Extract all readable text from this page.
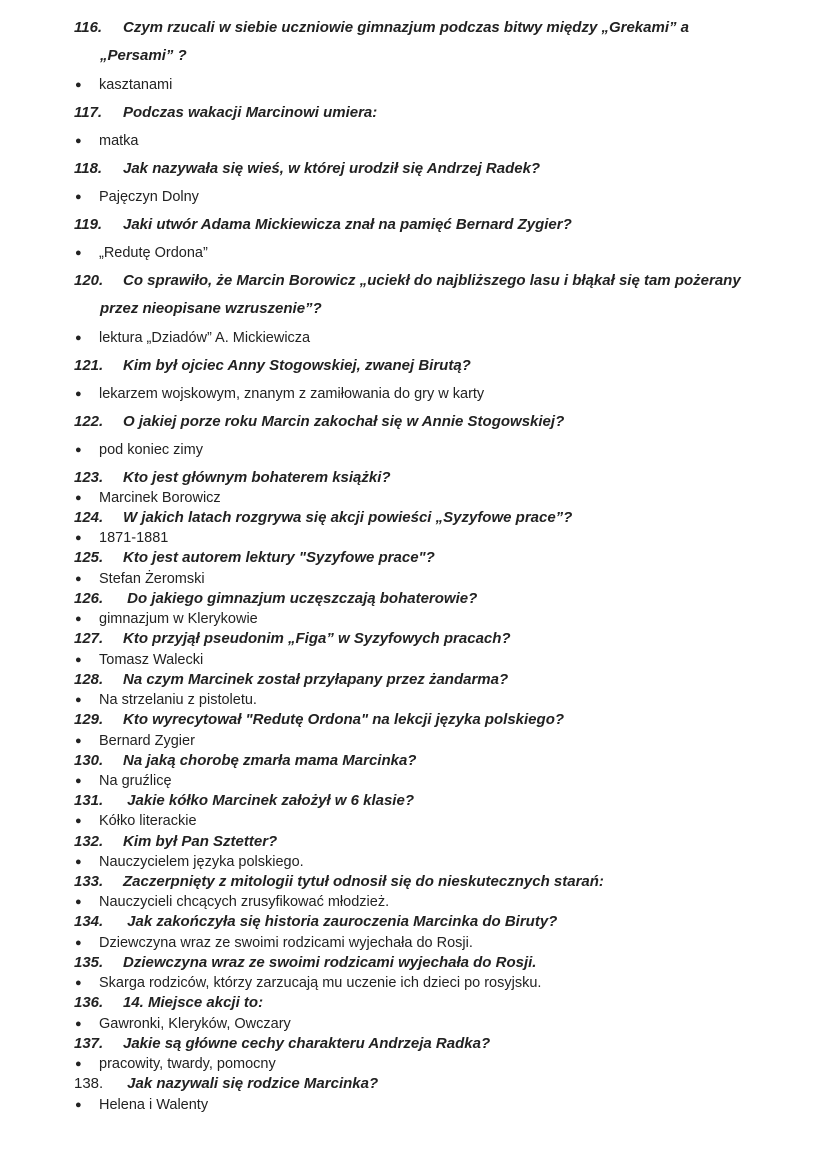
116. Czym rzucali w siebie uczniowie gimnazjum podczas bitwy między „Grekami” a
„Persami” ?
● kasztanami
117. Podczas wakacji Marcinowi umiera:
● matka
118. Jak nazywała się wieś, w której urodził się Andrzej Radek?
● Pajęczyn Dolny
119. Jaki utwór Adama Mickiewicza znał na pamięć Bernard Zygier?
● „Redutę Ordona”
120. Co sprawiło, że Marcin Borowicz „uciekł do najbliższego lasu i błąkał się tam pożerany
przez nieopisane wzruszenie”?
● lektura „Dziadów” A. Mickiewicza
121. Kim był ojciec Anny Stogowskiej, zwanej Birutą?
● lekarzem wojskowym, znanym z zamiłowania do gry w karty
122. O jakiej porze roku Marcin zakochał się w Annie Stogowskiej?
● pod koniec zimy
123. Kto jest głównym bohaterem książki?
● Marcinek Borowicz
124. W jakich latach rozgrywa się akcji powieści „Syzyfowe prace”?
● 1871-1881
125. Kto jest autorem lektury "Syzyfowe prace"?
● Stefan Żeromski
126. Do jakiego gimnazjum uczęszczają bohaterowie?
● gimnazjum w Klerykowie
127. Kto przyjął pseudonim „Figa” w Syzyfowych pracach?
● Tomasz Walecki
128. Na czym Marcinek został przyłapany przez żandarma?
● Na strzelaniu z pistoletu.
129. Kto wyrecytował "Redutę Ordona" na lekcji języka polskiego?
● Bernard Zygier
130. Na jaką chorobę zmarła mama Marcinka?
● Na gruźlicę
131. Jakie kółko Marcinek założył w 6 klasie?
● Kółko literackie
132. Kim był Pan Sztetter?
● Nauczycielem języka polskiego.
133. Zaczerpnięty z mitologii tytuł odnosił się do nieskutecznych starań:
● Nauczycieli chcących zrusyfikować młodzież.
134. Jak zakończyła się historia zauroczenia Marcinka do Biruty?
● Dziewczyna wraz ze swoimi rodzicami wyjechała do Rosji.
135. Dziewczyna wraz ze swoimi rodzicami wyjechała do Rosji.
● Skarga rodziców, którzy zarzucają mu uczenie ich dzieci po rosyjsku.
136. 14. Miejsce akcji to:
● Gawronki, Kleryków, Owczary
137. Jakie są główne cechy charakteru Andrzeja Radka?
● pracowity, twardy, pomocny
138. Jak nazywali się rodzice Marcinka?
● Helena i Walenty
